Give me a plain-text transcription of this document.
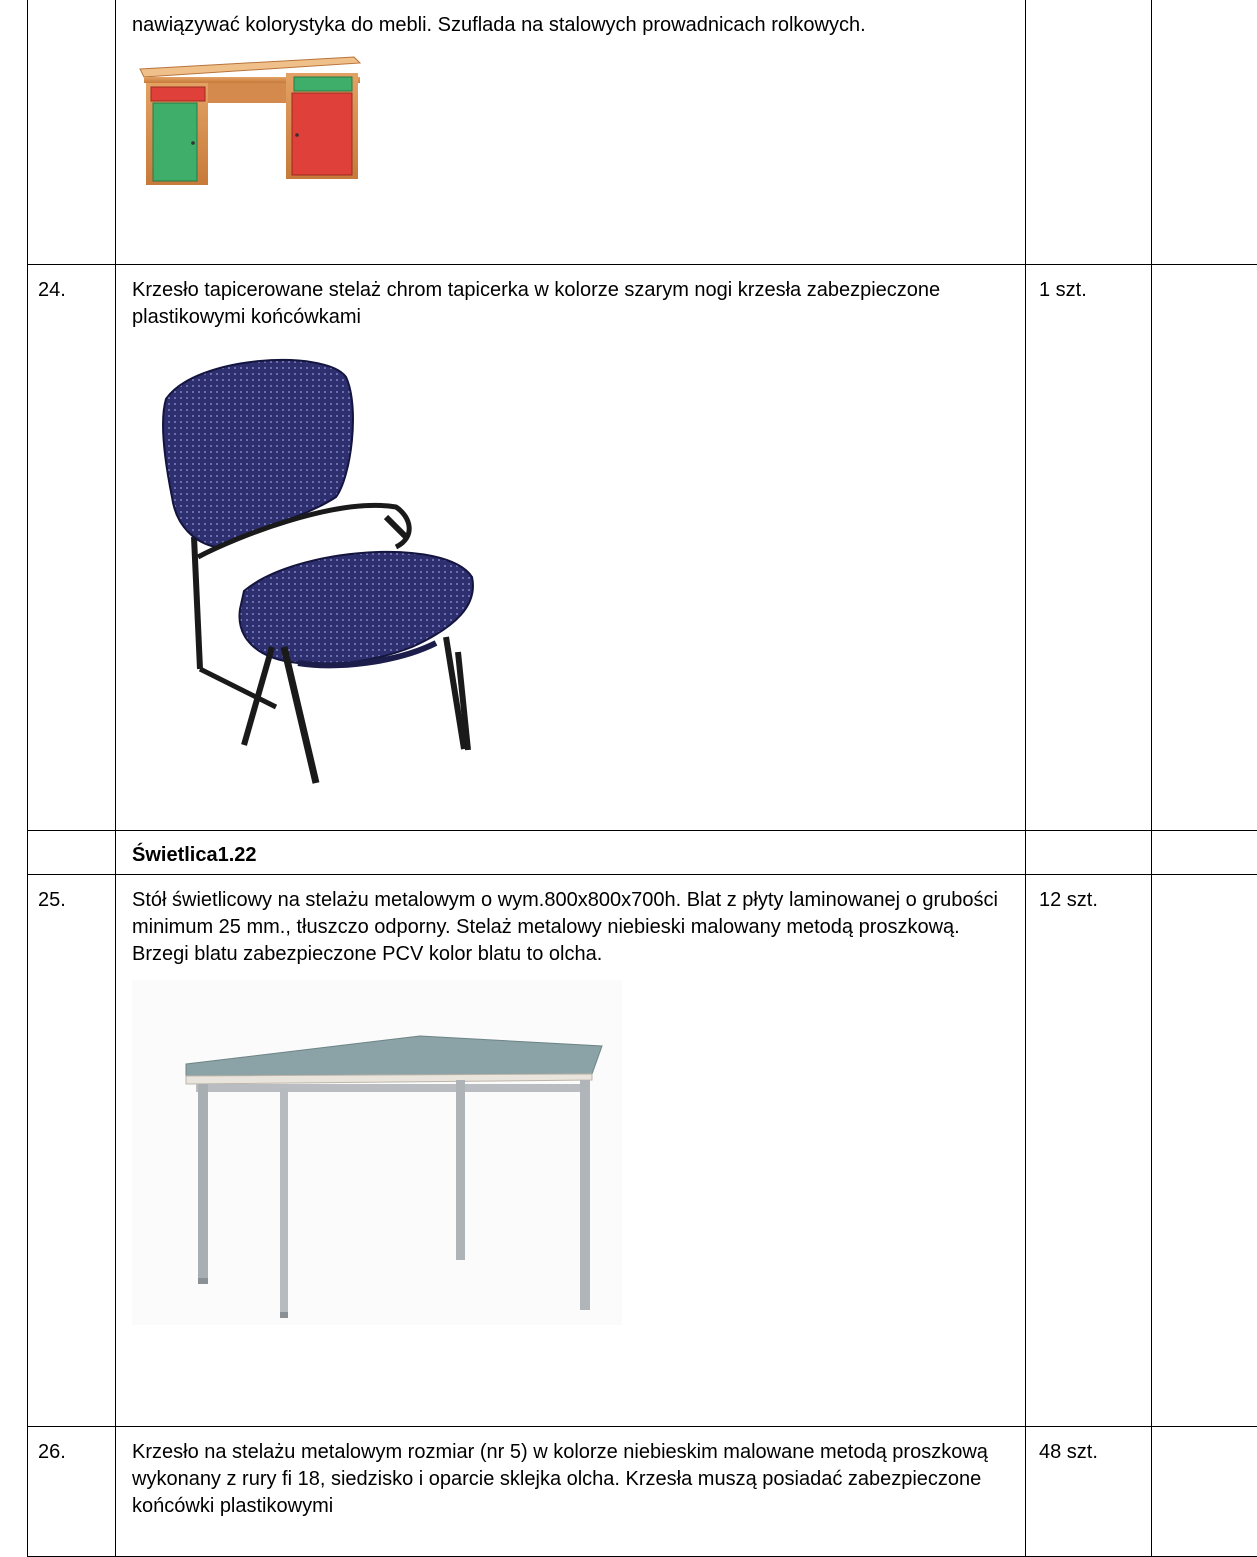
	nawiązywać kolorystyka do mebli. Szuflada na stalowych prowadnicach rolkowych.		

24.	Krzesło tapicerowane stelaż chrom tapicerka w kolorze szarym nogi krzesła zabezpieczone plastikowymi końcówkami	1 szt.	
	Świetlica1.22		
25.	Stół świetlicowy na stelażu metalowym o wym.800x800x700h. Blat z płyty laminowanej o grubości minimum 25 mm., tłuszczo odporny. Stelaż metalowy niebieski malowany metodą proszkową. Brzegi blatu zabezpieczone PCV kolor blatu to olcha.	12 szt.	
26.	Krzesło na stelażu metalowym rozmiar (nr 5) w kolorze niebieskim malowane metodą proszkową wykonany z rury fi 18, siedzisko i oparcie sklejka olcha. Krzesła muszą posiadać zabezpieczone końcówki plastikowymi	48 szt.	
